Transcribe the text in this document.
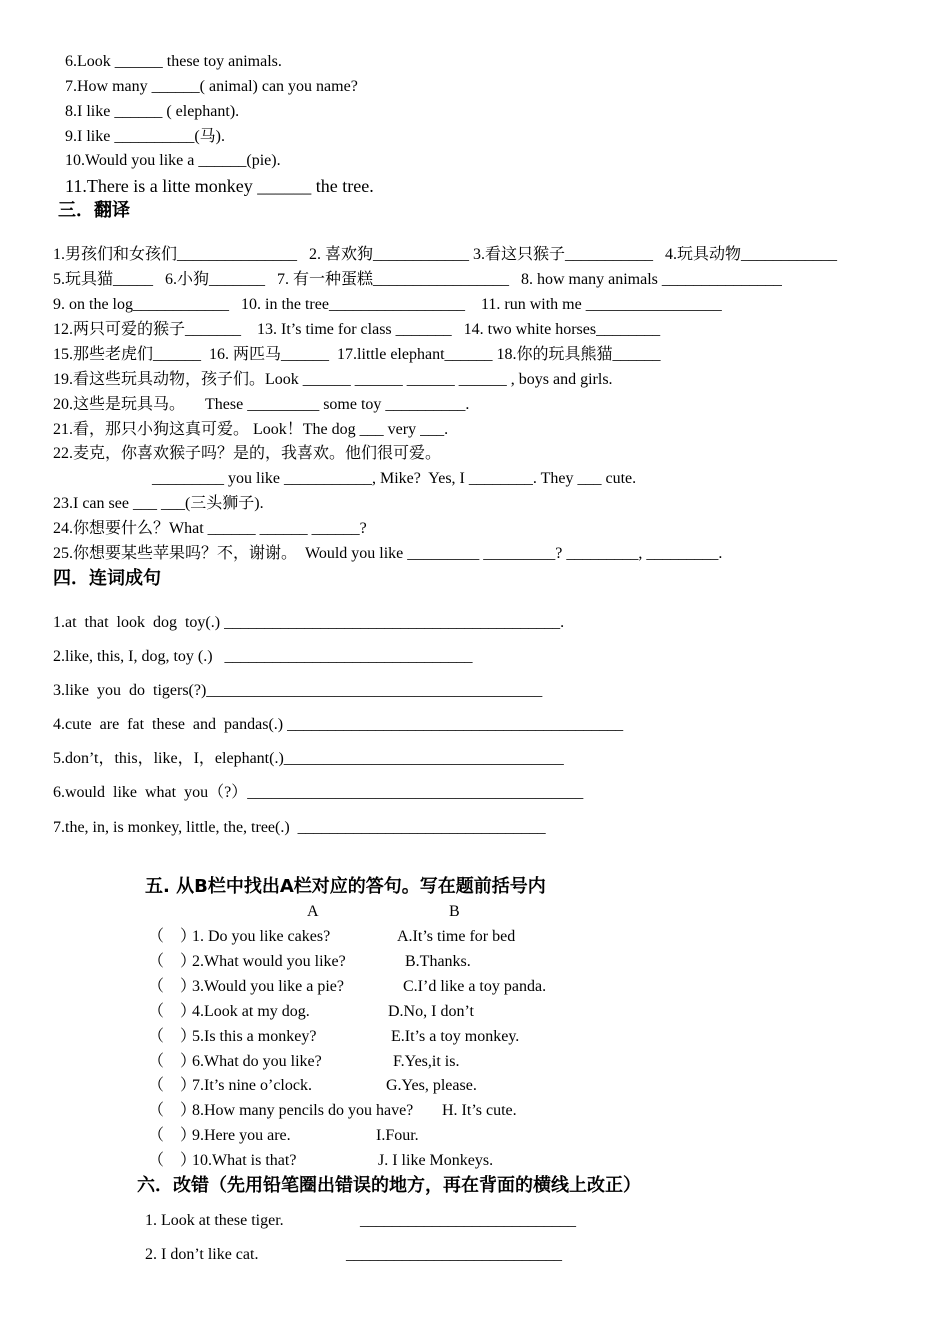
6.Look ______ these toy animals.
7.How many ______( animal) can you name?
8.I like ______ ( elephant).
9.I like __________(马).
10.Would you like a ______(pie).
11.There is a litte monkey ______ the tree.
三．翻译
1.男孩们和女孩们_______________   2. 喜欢狗____________ 3.看这只猴子___________   4.玩具动物____________
5.玩具猫_____   6.小狗_______   7. 有一种蛋糕_________________   8. how many animals _______________
9. on the log____________   10. in the tree_________________    11. run with me _________________
12.两只可爱的猴子_______    13. It’s time for class _______   14. two white horses________
15.那些老虎们______  16. 两匹马______  17.little elephant______ 18.你的玩具熊猫______
19.看这些玩具动物，孩子们。Look ______ ______ ______ ______ , boys and girls.
20.这些是玩具马。     These _________ some toy __________.
21.看，那只小狗这真可爱。 Look！The dog ___ very ___.
22.麦克，你喜欢猴子吗？是的，我喜欢。他们很可爱。
_________ you like ___________, Mike?  Yes, I ________. They ___ cute.
23.I can see ___ ___(三头狮子).
24.你想要什么？What ______ ______ ______?
25.你想要某些苹果吗？不，谢谢。  Would you like _________ _________? _________, _________.
四．连词成句
1.at  that  look  dog  toy(.) __________________________________________.
2.like, this, I, dog, toy (.)   _______________________________
3.like  you  do  tigers(?)__________________________________________
4.cute  are  fat  these  and  pandas(.) __________________________________________
5.don’t，this，like，I，elephant(.)___________________________________
6.would  like  what  you（?）__________________________________________
7.the, in, is monkey, little, the, tree(.)  _______________________________
五. 从B栏中找出A栏对应的答句。写在题前括号内
A	B
（    ）1. Do you like cakes?	A.It’s time for bed
（    ）2.What would you like?	B.Thanks.
（    ）3.Would you like a pie?	C.I’d like a toy panda.
（    ）4.Look at my dog.	D.No, I don’t
（    ）5.Is this a monkey?	E.It’s a toy monkey.
（    ）6.What do you like?	F.Yes,it is.
（    ）7.It’s nine o’clock.	G.Yes, please.
（    ）8.How many pencils do you have? H. It’s cute.
（    ）9.Here you are.	I.Four.
（    ）10.What is that?	J. I like Monkeys.
六．改错（先用铅笔圈出错误的地方，再在背面的横线上改正）
1. Look at these tiger.	___________________________
2. I don’t like cat.	___________________________
